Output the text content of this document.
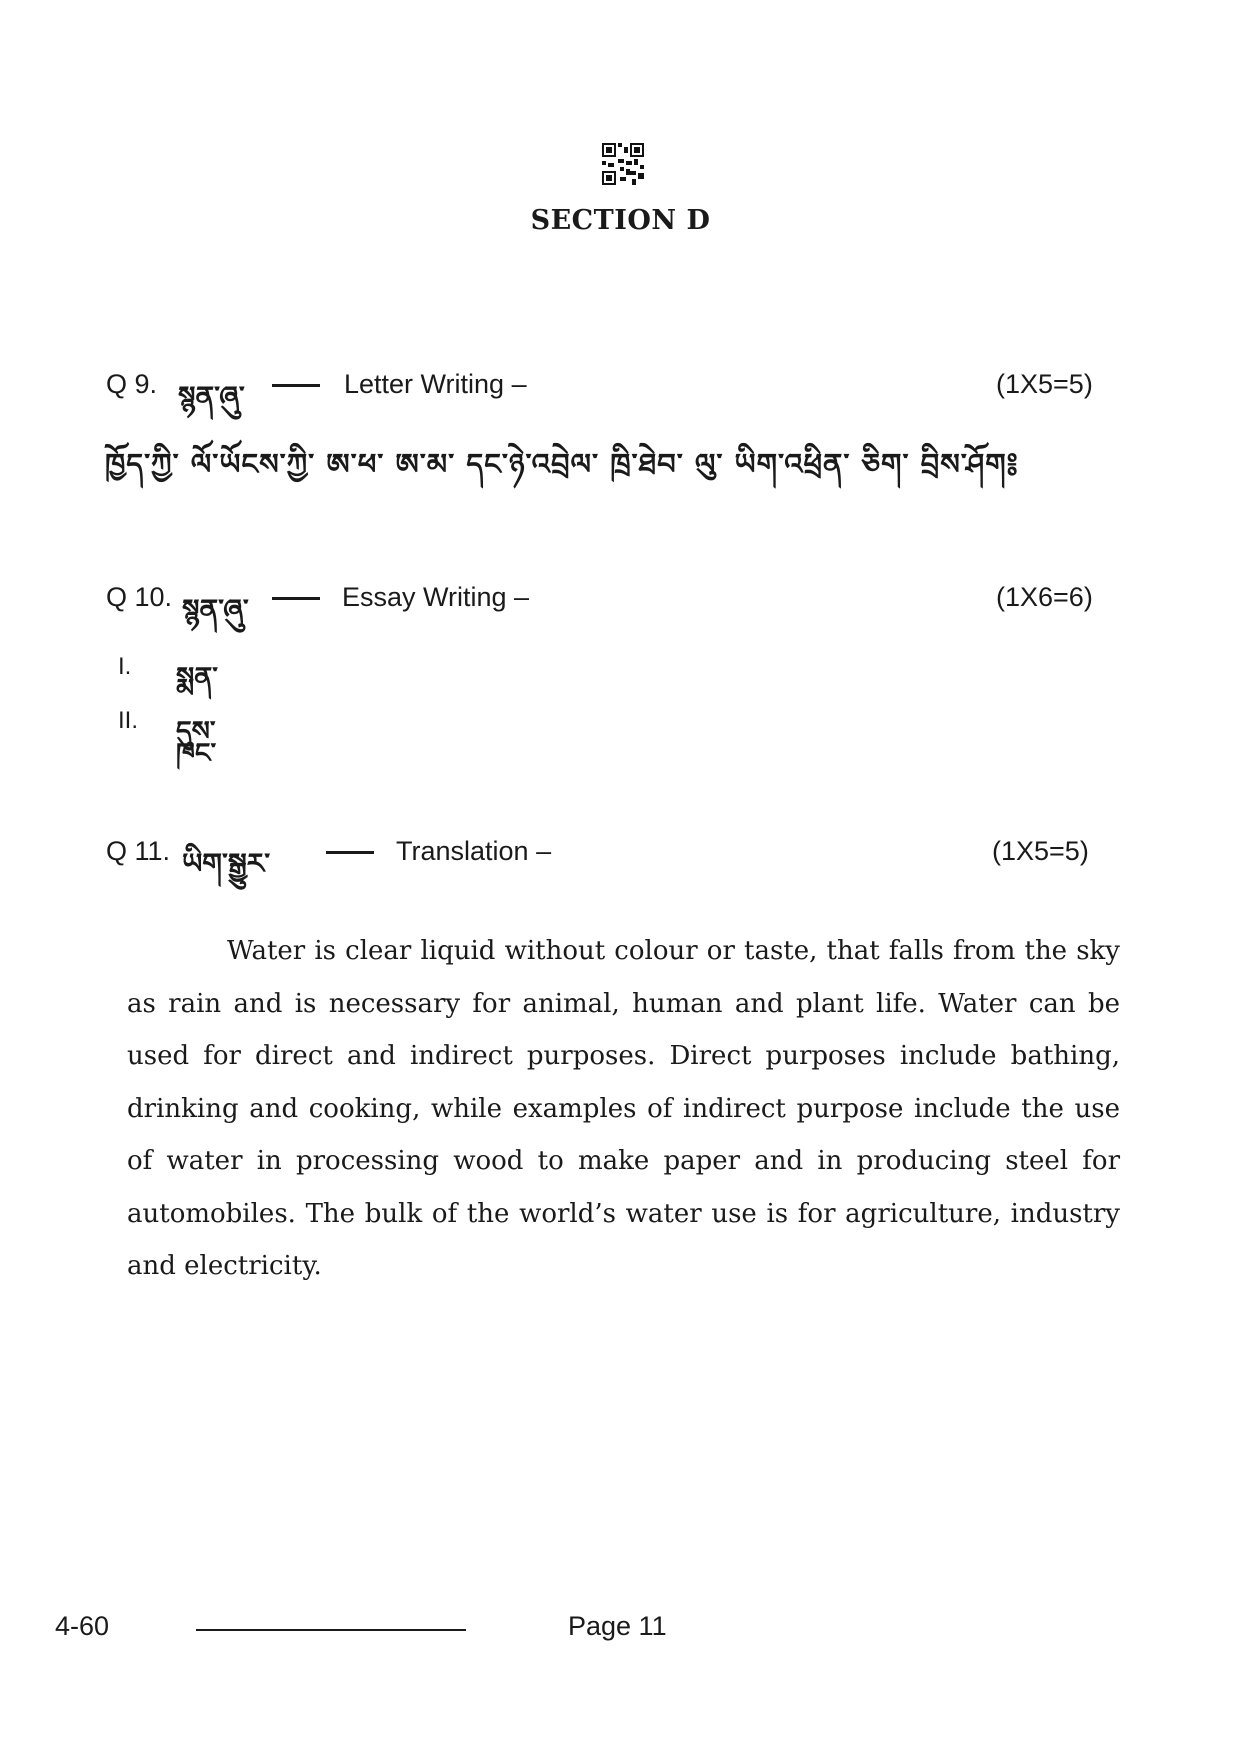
SECTION D
Q 9. སྙན་ཞུ་	Letter Writing –	(1X5=5)
ཁྱོད་ཀྱི་ ལོ་ཡོངས་ཀྱི་ ཨ་ཕ་ ཨ་མ་ དང་ཉེ་འབྲེལ་ ཁྲི་ཐེབ་ ལུ་ ཡིག་འཕྲིན་ ཅིག་ བྲིས་ཤོག༔
Q 10. སྙན་ཞུ་	Essay Writing –	(1X6=6)
I. སྨན་ཁང་
II. དུས་
Q 11. ཡིག་སྒྱུར་	Translation –	(1X5=5)

Water is clear liquid without colour or taste, that falls from the sky as rain and is necessary for animal, human and plant life. Water can be used for direct and indirect purposes. Direct purposes include bathing, drinking and cooking, while examples of indirect purpose include the use of water in processing wood to make paper and in producing steel for automobiles. The bulk of the world’s water use is for agriculture, industry and electricity.

4-60	Page 11
